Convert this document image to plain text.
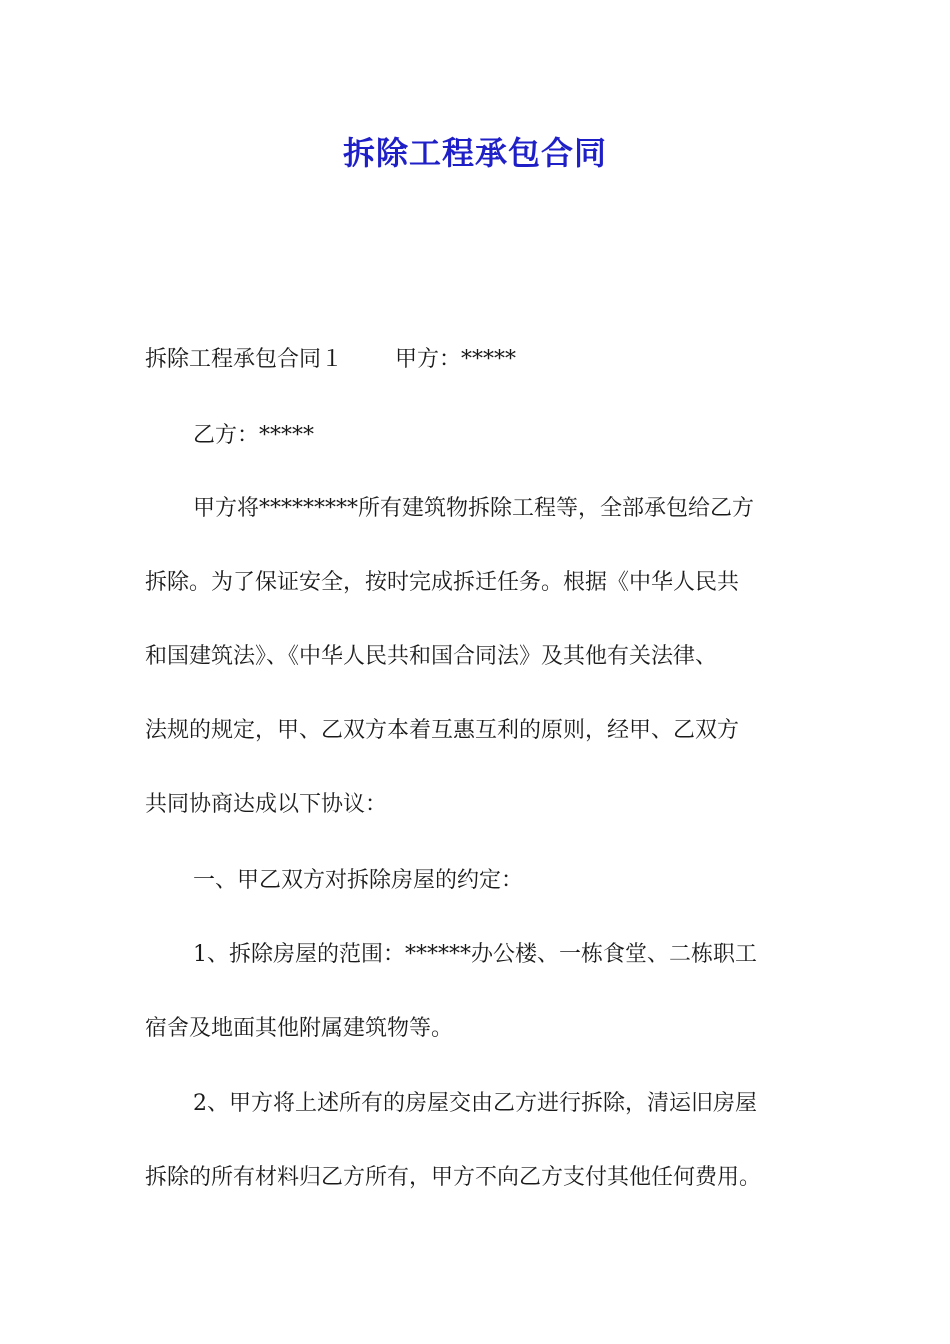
拆除工程承包合同
拆除工程承包合同１ 甲方：*****
乙方：*****
甲方将*********所有建筑物拆除工程等，全部承包给乙方
拆除。为了保证安全，按时完成拆迁任务。根据《中华人民共
和国建筑法》、《中华人民共和国合同法》及其他有关法律、
法规的规定，甲、乙双方本着互惠互利的原则，经甲、乙双方
共同协商达成以下协议：
一、甲乙双方对拆除房屋的约定：
1、拆除房屋的范围：******办公楼、一栋食堂、二栋职工
宿舍及地面其他附属建筑物等。
2、甲方将上述所有的房屋交由乙方进行拆除，清运旧房屋
拆除的所有材料归乙方所有，甲方不向乙方支付其他任何费用。
